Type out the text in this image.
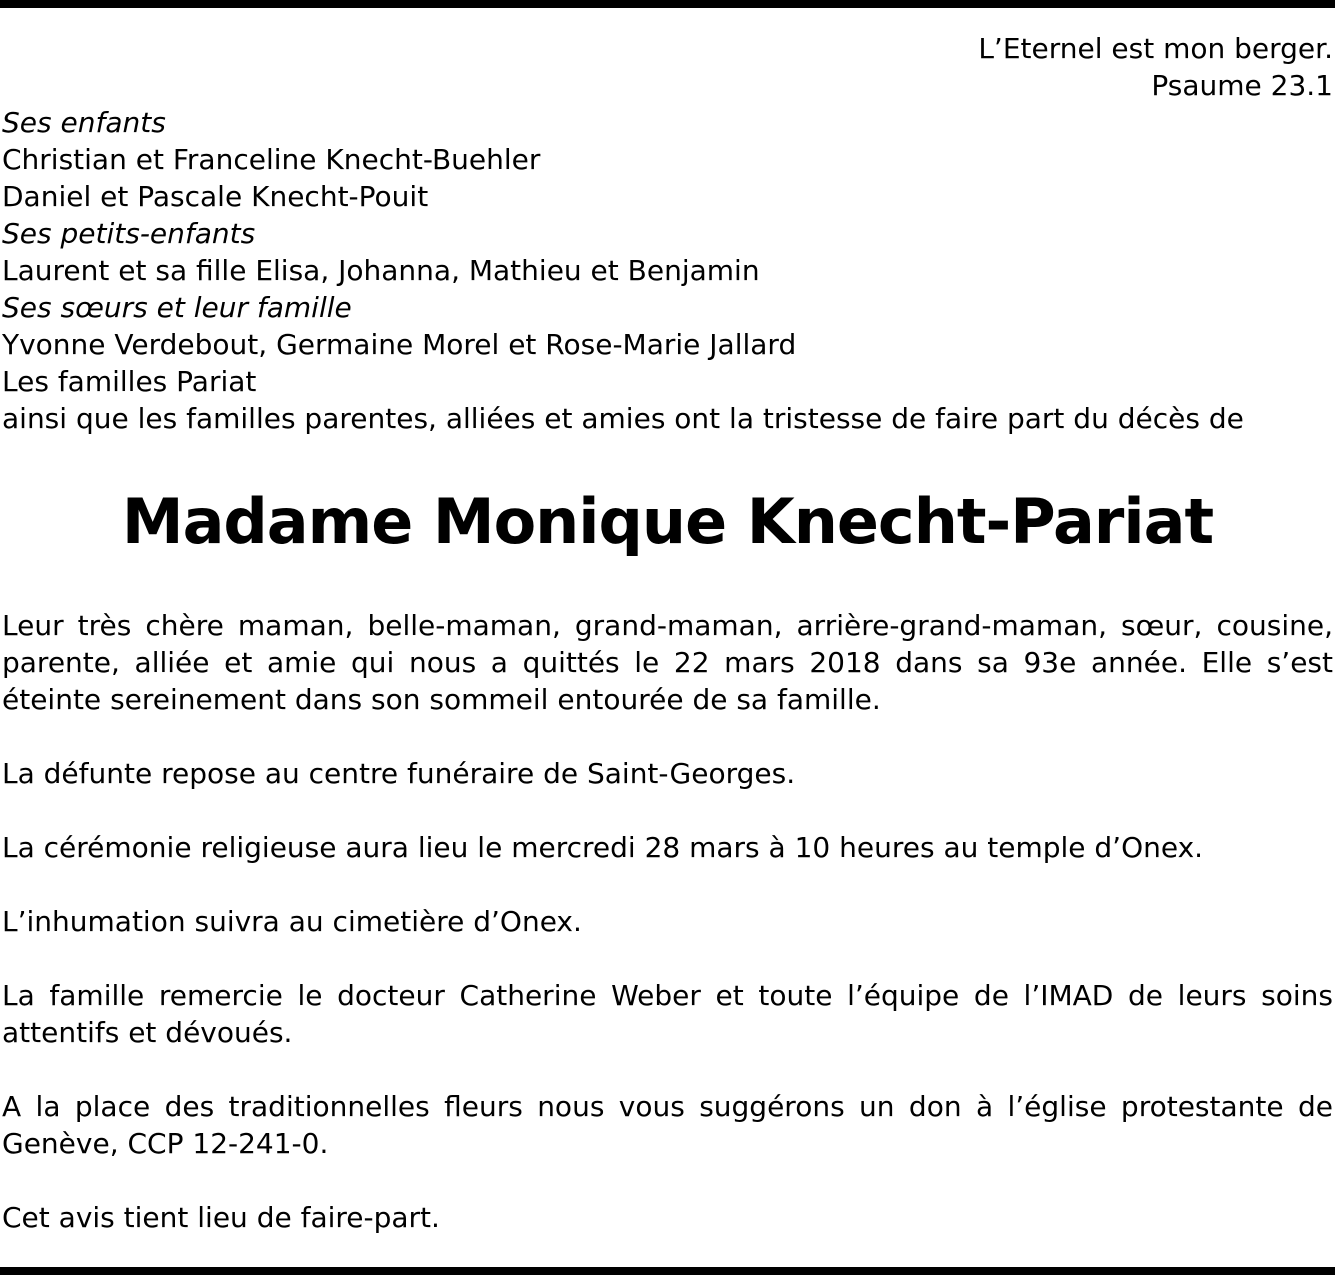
L’Eternel est mon berger.
Psaume 23.1
Ses enfants
Christian et Franceline Knecht-Buehler
Daniel et Pascale Knecht-Pouit
Ses petits-enfants
Laurent et sa fille Elisa, Johanna, Mathieu et Benjamin
Ses sœurs et leur famille
Yvonne Verdebout, Germaine Morel et Rose-Marie Jallard
Les familles Pariat
ainsi que les familles parentes, alliées et amies ont la tristesse de faire part du décès de
Madame Monique Knecht-Pariat

Leur très chère maman, belle-maman, grand-maman, arrière-grand-maman, sœur, cousine, parente, alliée et amie qui nous a quittés le 22 mars 2018 dans sa 93e année. Elle s’est éteinte sereinement dans son sommeil entourée de sa famille.

La défunte repose au centre funéraire de Saint-Georges.

La cérémonie religieuse aura lieu le mercredi 28 mars à 10 heures au temple d’Onex.

L’inhumation suivra au cimetière d’Onex.

La famille remercie le docteur Catherine Weber et toute l’équipe de l’IMAD de leurs soins attentifs et dévoués.

A la place des traditionnelles fleurs nous vous suggérons un don à l’église protestante de Genève, CCP 12-241-0.

Cet avis tient lieu de faire-part.
